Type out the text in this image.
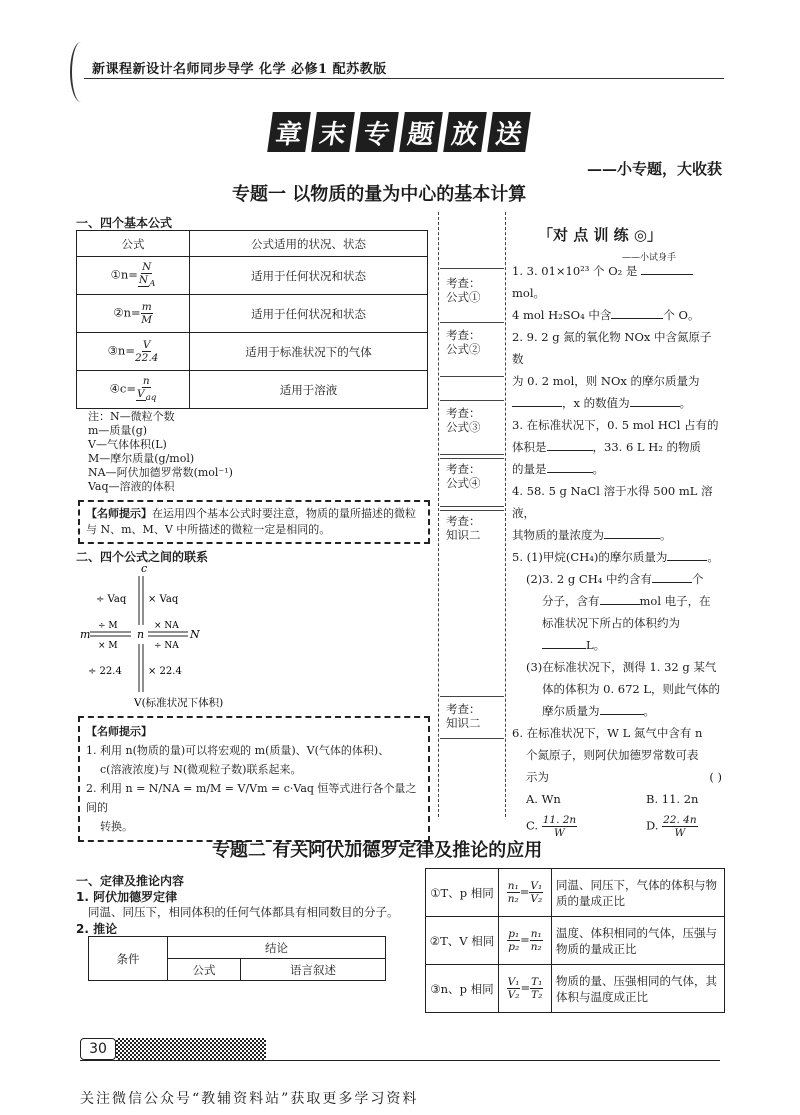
新课程新设计名师同步导学 化学 必修1 配苏教版
章 末 专 题 放 送
——小专题，大收获
专题一 以物质的量为中心的基本计算
一、四个基本公式
公式	公式适用的状况、状态
①n= $\frac{N}{N_A}$	适用于任何状况和状态
②n= $\frac{m}{M}$	适用于任何状况和状态
③n= $\frac{V}{22.4}$	适用于标准状况下的气体
④c= $\frac{n}{V_{aq}}$	适用于溶液
注：N—微粒个数
m—质量(g)
V—气体体积(L)
M—摩尔质量(g/mol)
NA—阿伏加德罗常数(mol⁻¹)
Vaq—溶液的体积
【名师提示】在运用四个基本公式时要注意，物质的量所描述的微粒与 N、m、M、V 中所描述的微粒一定是相同的。
二、四个公式之间的联系
c
÷ Vaq × Vaq
m
÷ M
× M
n
× NA
÷ NA
N
÷ 22.4	× 22.4
V(标准状况下体积)
【名师提示】
1. 利用 n(物质的量)可以将宏观的 m(质量)、V(气体的体积)、
c(溶液浓度)与 N(微观粒子数)联系起来。
2. 利用 n = N/NA = m/M = V/Vm = c·Vaq 恒等式进行各个量之间的
转换。
考查：
公式①
考查：
公式②
考查：
公式③
考查：
公式④
考查：
知识二
考查：
知识二
「对 点 训 练 ◎」
——小试身手
1. 3. 01×10²³ 个 O₂ 是 mol。
4 mol H₂SO₄ 中含	个 O。
2. 9. 2 g 氮的氧化物 NOx 中含氮原子数
为 0. 2 mol，则 NOx 的摩尔质量为
，x 的数值为	。
3. 在标准状况下，0. 5 mol HCl 占有的
体积是	，33. 6 L H₂ 的物质
的量是	。
4. 58. 5 g NaCl 溶于水得 500 mL 溶液，
其物质的量浓度为	。
5. (1)甲烷(CH₄)的摩尔质量为	。
(2)3. 2 g CH₄ 中约含有	个
分子，含有	mol 电子，在
标准状况下所占的体积约为
L。
(3)在标准状况下，测得 1. 32 g 某气
体的体积为 0. 672 L，则此气体的
摩尔质量为	。
6. 在标准状况下，W L 氮气中含有 n
个氮原子，则阿伏加德罗常数可表
示为	( )
A. Wn	B. 11. 2n
C. $\frac{11. 2n}{W}$	D. $\frac{22. 4n}{W}$
专题二 有关阿伏加德罗定律及推论的应用
一、定律及推论内容
1. 阿伏加德罗定律
同温、同压下，相同体积的任何气体都具有相同数目的分子。
2. 推论
条件	结论	
	公式	语言叙述
①T、p 相同	$\frac{\text{n₁}}{\text{n₂}} = \frac{\text{V₁}}{\text{V₂}}$	同温、同压下，气体的体积与物质的量成正比
②T、V 相同	$\frac{\text{p₁}}{\text{p₂}} = \frac{\text{n₁}}{\text{n₂}}$	温度、体积相同的气体，压强与物质的量成正比
③n、p 相同	$\frac{\text{V₁}}{\text{V₂}} = \frac{\text{T₁}}{\text{T₂}}$	物质的量、压强相同的气体，其体积与温度成正比
30
关注微信公众号“教辅资料站”获取更多学习资料
